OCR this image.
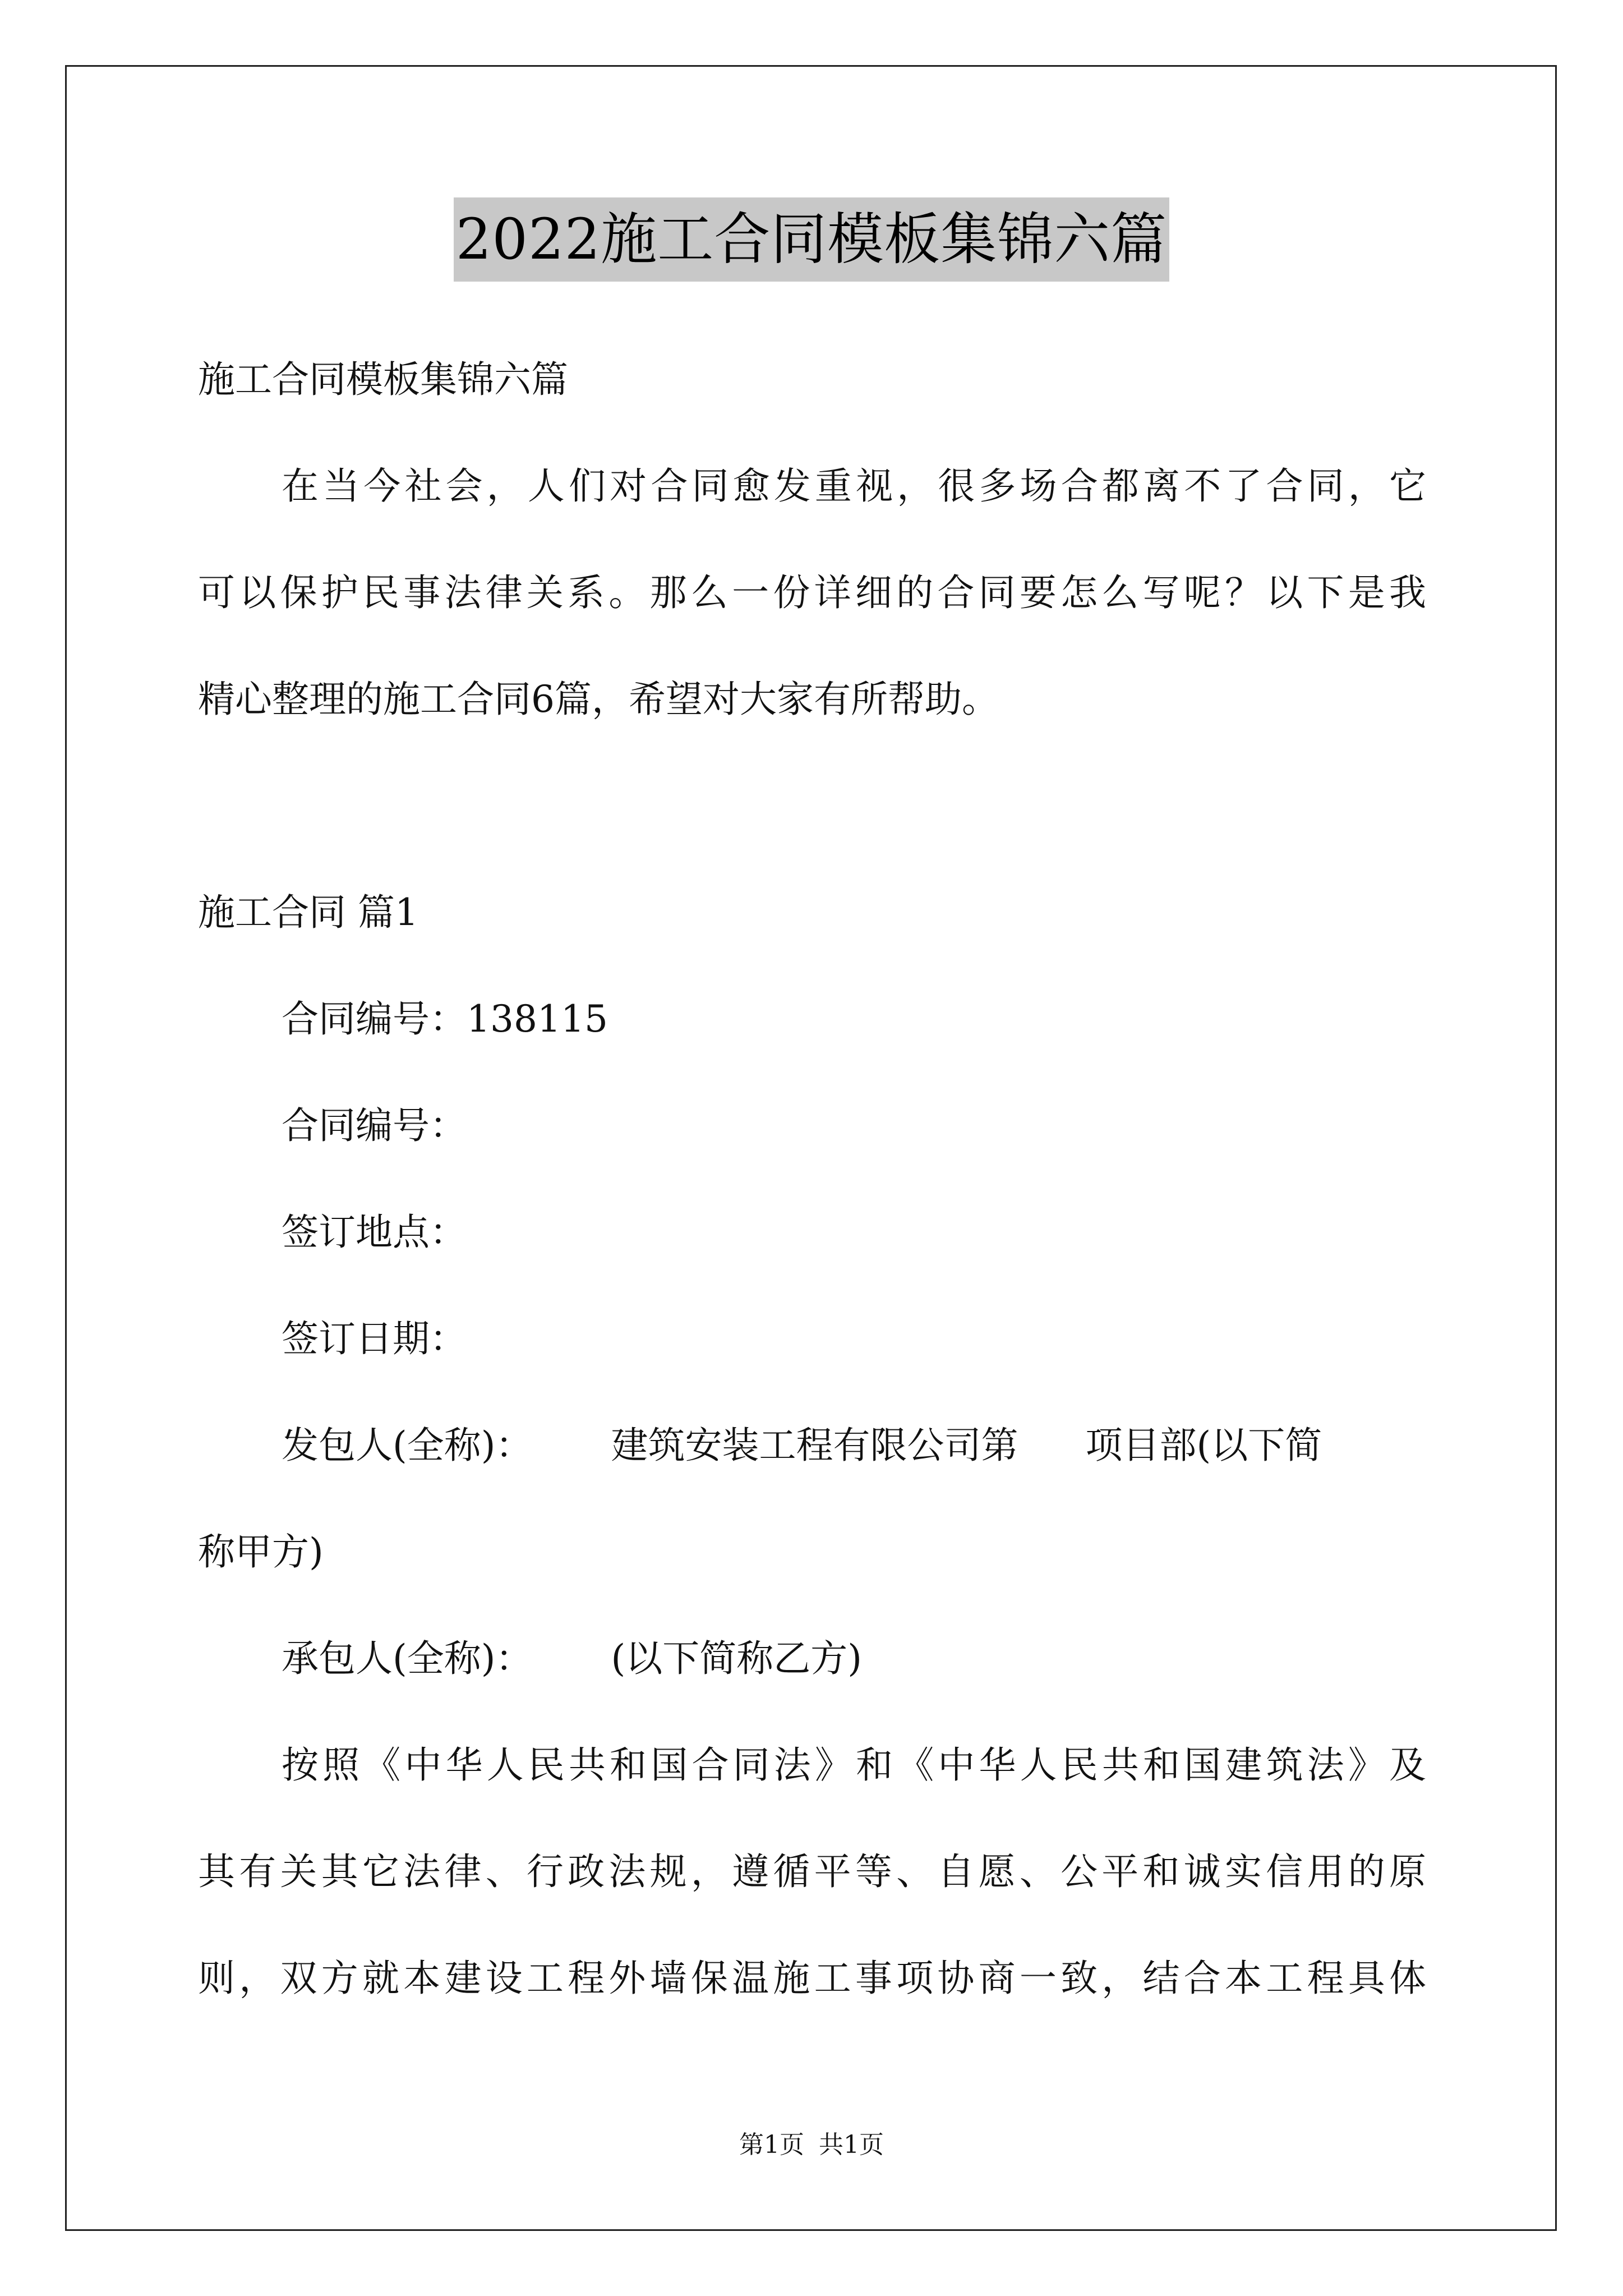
2022施工合同模板集锦六篇
施工合同模板集锦六篇
在当今社会，人们对合同愈发重视，很多场合都离不了合同，它
可以保护民事法律关系。那么一份详细的合同要怎么写呢？以下是我
精心整理的施工合同6篇，希望对大家有所帮助。
施工合同 篇1
合同编号：138115
合同编号：
签订地点：
签订日期：
发包人(全称)： 建筑安装工程有限公司第 项目部(以下简
称甲方)
承包人(全称)： (以下简称乙方)
按照《中华人民共和国合同法》和《中华人民共和国建筑法》及
其有关其它法律、行政法规，遵循平等、自愿、公平和诚实信用的原
则，双方就本建设工程外墙保温施工事项协商一致，结合本工程具体
第1页 共1页
